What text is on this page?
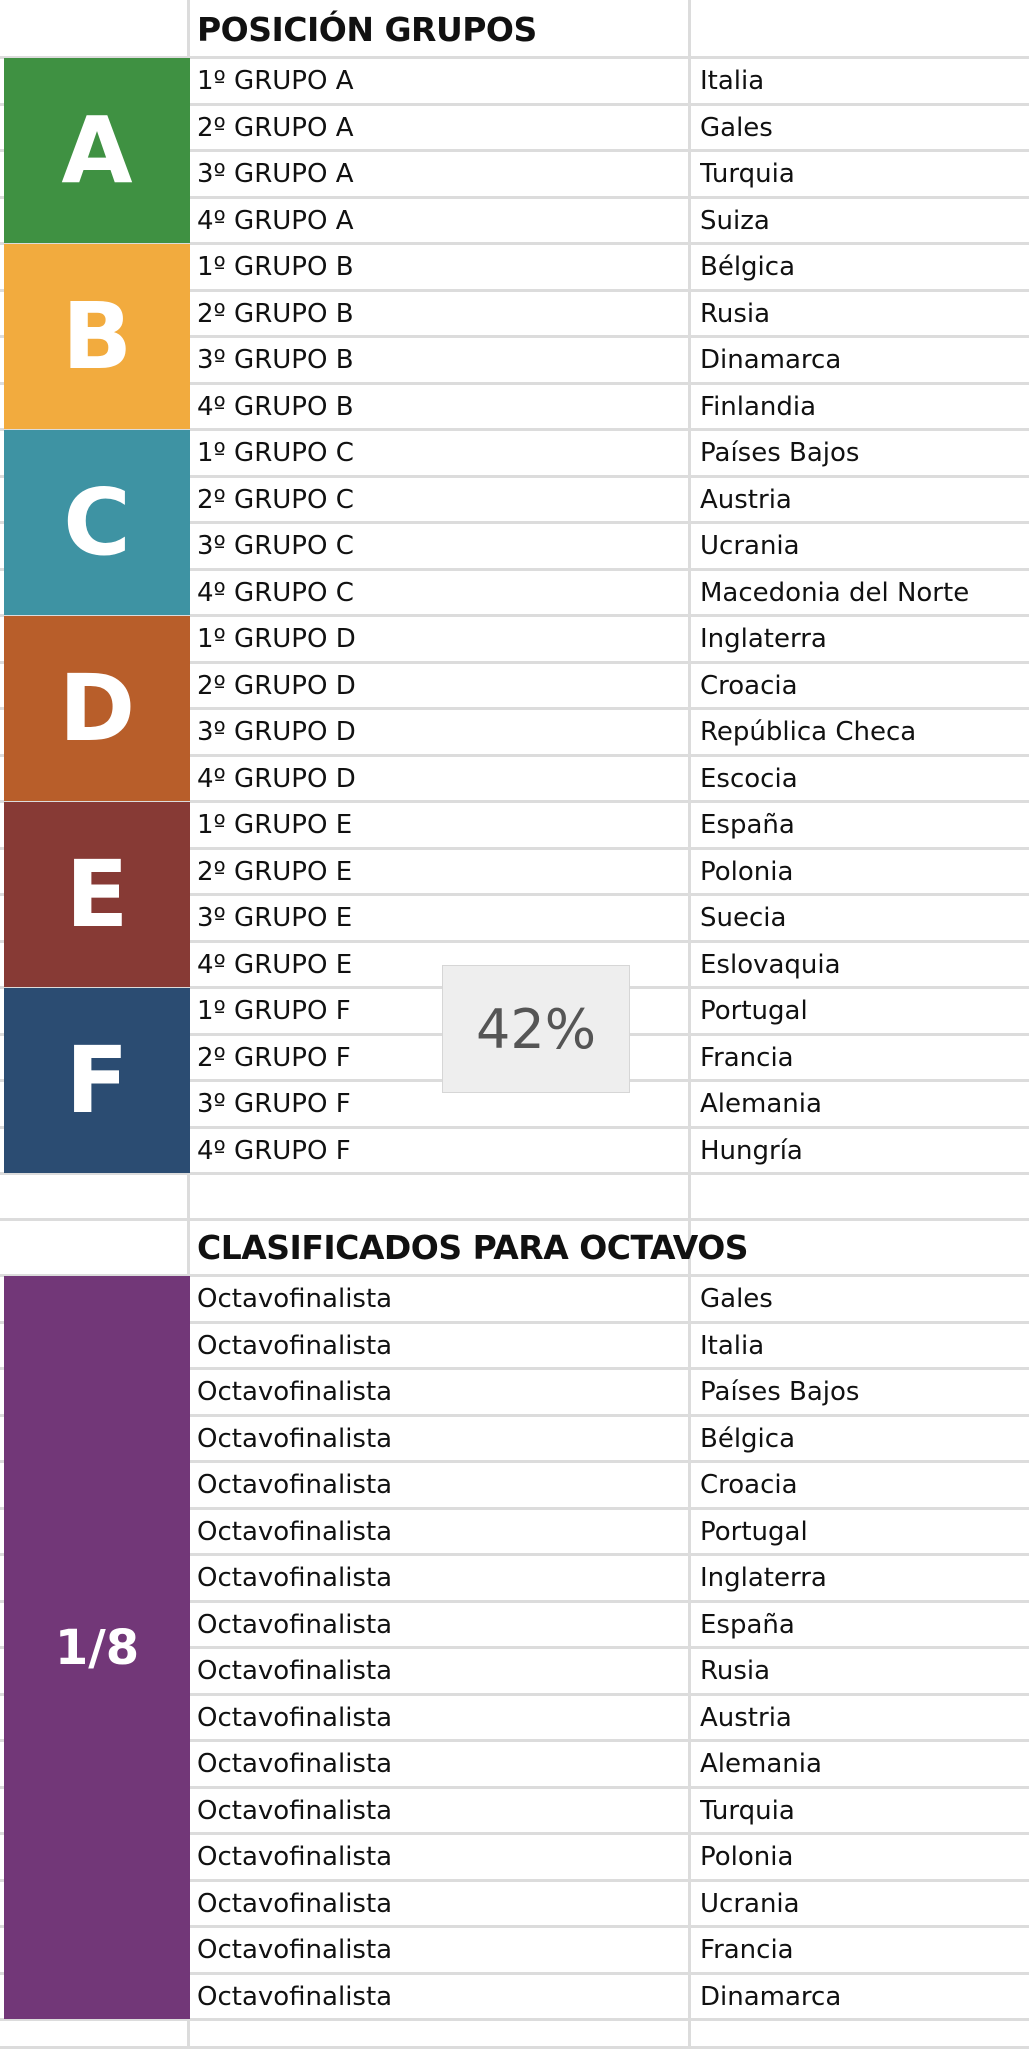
POSICIÓN GRUPOS
1º GRUPO A	Italia
2º GRUPO A	Gales
3º GRUPO A	Turquia
4º GRUPO A	Suiza
1º GRUPO B	Bélgica
2º GRUPO B	Rusia
3º GRUPO B	Dinamarca
4º GRUPO B	Finlandia
1º GRUPO C	Países Bajos
2º GRUPO C	Austria
3º GRUPO C	Ucrania
4º GRUPO C	Macedonia del Norte
1º GRUPO D	Inglaterra
2º GRUPO D	Croacia
3º GRUPO D	República Checa
4º GRUPO D	Escocia
1º GRUPO E	España
2º GRUPO E	Polonia
3º GRUPO E	Suecia
4º GRUPO E	Eslovaquia
1º GRUPO F	Portugal
2º GRUPO F	Francia
3º GRUPO F	Alemania
4º GRUPO F	Hungría
A
B
C
D
E
F
CLASIFICADOS PARA OCTAVOS
Octavofinalista	Gales
Octavofinalista	Italia
Octavofinalista	Países Bajos
Octavofinalista	Bélgica
Octavofinalista	Croacia
Octavofinalista	Portugal
Octavofinalista	Inglaterra
Octavofinalista	España
Octavofinalista	Rusia
Octavofinalista	Austria
Octavofinalista	Alemania
Octavofinalista	Turquia
Octavofinalista	Polonia
Octavofinalista	Ucrania
Octavofinalista	Francia
Octavofinalista	Dinamarca
1/8
42%
